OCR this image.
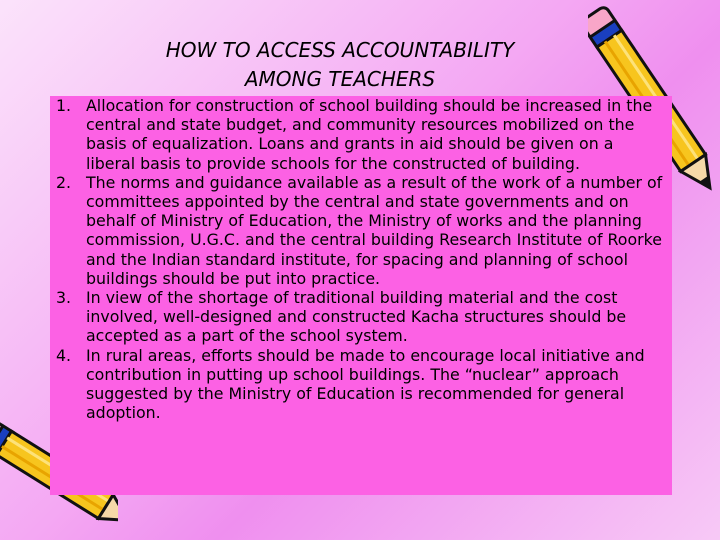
HOW TO ACCESS ACCOUNTABILITY
AMONG TEACHERS
1. Allocation for construction of school building should be increased in the central and state budget, and community resources mobilized on the basis of equalization. Loans and grants in aid should be given on a liberal basis to provide schools for the constructed of building.
2. The norms and guidance available as a result of the work of a number of committees appointed by the central and state governments and on behalf of Ministry of Education, the Ministry of works and the planning commission, U.G.C. and the central building Research Institute of Roorke and the Indian standard institute, for spacing and planning of school buildings should be put into practice.
3. In view of the shortage of traditional building material and the cost involved, well-designed and constructed Kacha structures should be accepted as a part of the school system.
4. In rural areas, efforts should be made to encourage local initiative and contribution in putting up school buildings. The “nuclear” approach suggested by the Ministry of Education is recommended for general adoption.
